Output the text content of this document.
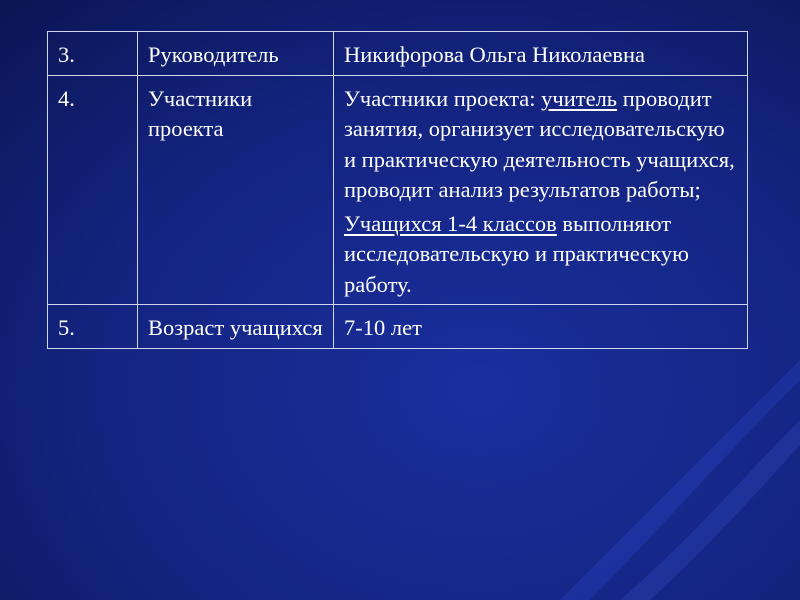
3.	Руководитель	Никифорова Ольга Николаевна
4.	Участники проекта	Участники проекта: учитель проводит занятия, организует исследовательскую и практическую деятельность учащихся, проводит анализ результатов работы;
Учащихся 1-4 классов выполняют исследовательскую и практическую работу.

5.	Возраст учащихся	7-10 лет
